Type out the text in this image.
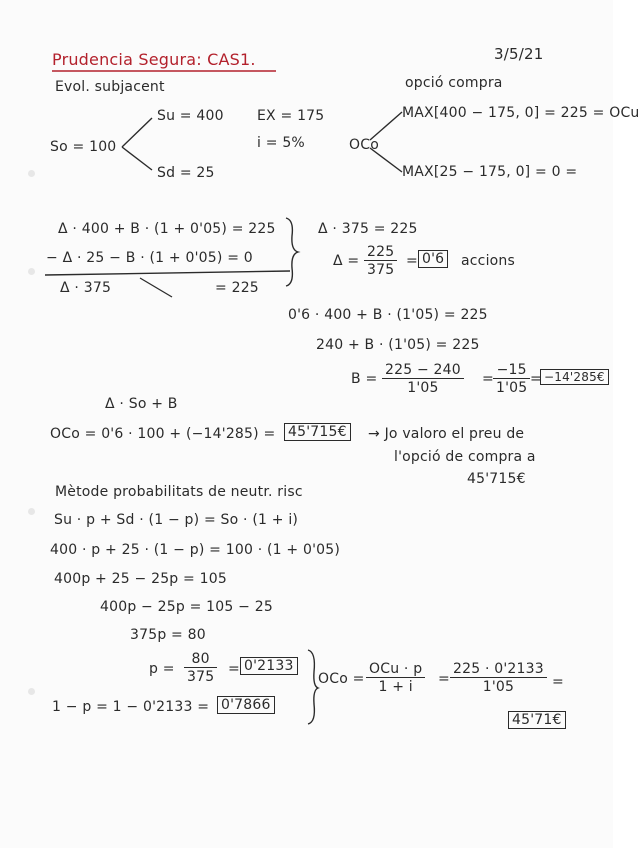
Prudencia Segura: CAS1.	3/5/21
Evol. subjacent
Su = 400 EX = 175
So = 100	i = 5%
Sd = 25
opció compra
MAX[400 − 175, 0] = 225 = OCu
OCo
MAX[25 − 175, 0] = 0 =
Δ · 400 + B · (1 + 0'05) = 225
− Δ · 25 − B · (1 + 0'05) = 0
Δ · 375	= 225
Δ · 375 = 225
$\Delta = \frac{225}{375} = 0'6$ accions
0'6 · 400 + B · (1'05) = 225
240 + B · (1'05) = 225
$B = \frac{225 - 240}{1'05} = \frac{-15}{1'05}$ = −14'285€
Δ · So + B
OCo = 0'6 · 100 + (−14'285) = 45'715€ → Jo valoro el preu de
l'opció de compra a
45'715€
Mètode probabilitats de neutr. risc
Su · p + Sd · (1 − p) = So · (1 + i)
400 · p + 25 · (1 − p) = 100 · (1 + 0'05)
400p + 25 − 25p = 105
400p − 25p = 105 − 25
375p = 80
$p = \frac{80}{375} = 0'2133$
1 − p = 1 − 0'2133 = 0'7866
OCo =
OCu · p
1 + i	= $\frac{225 \cdot 0'2133}{1'05}$ =
45'71€
